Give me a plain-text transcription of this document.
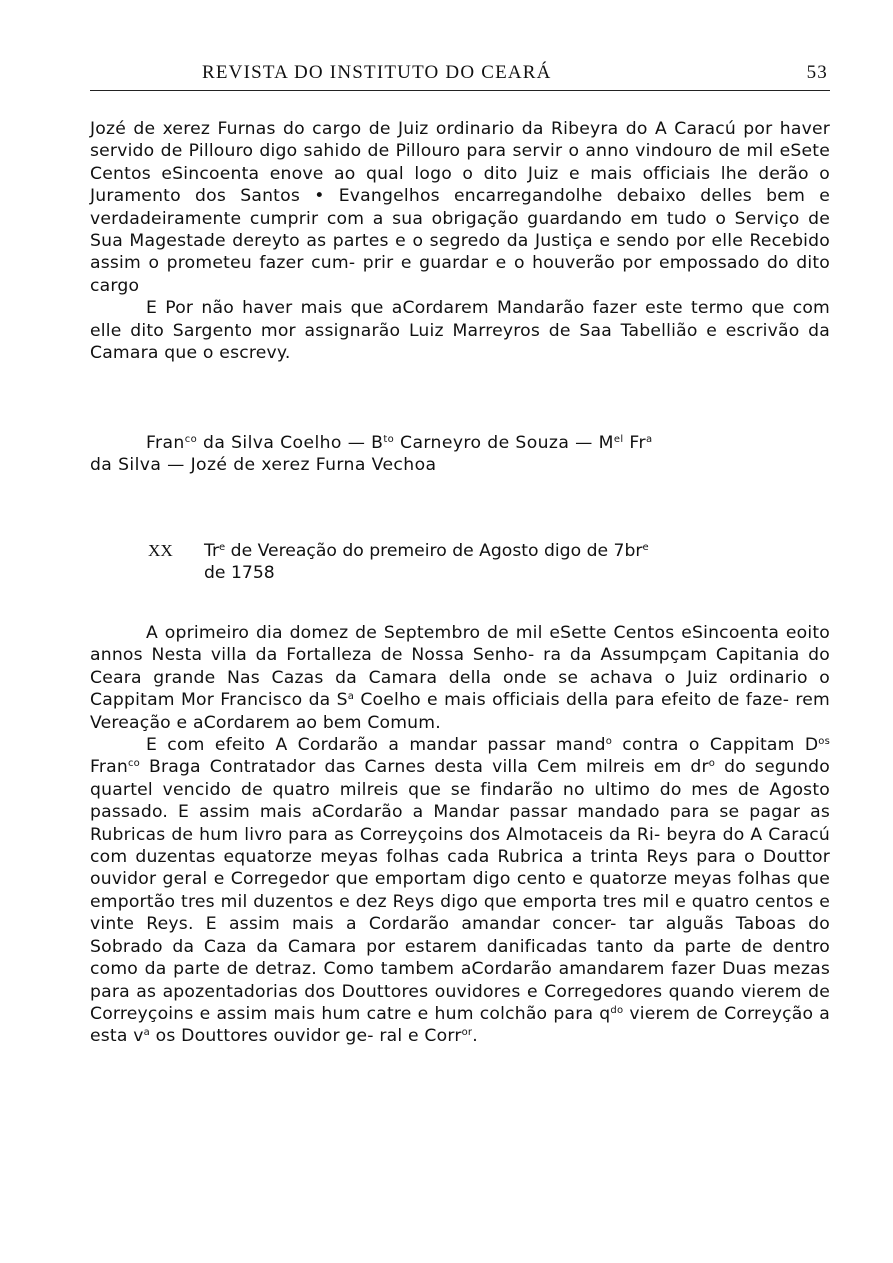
REVISTA DO INSTITUTO DO CEARÁ	53

Jozé de xerez Furnas do cargo de Juiz ordinario da Ribeyra do A Caracú por haver servido de Pillouro digo sahido de Pillouro para servir o anno vindouro de mil eSete Centos eSincoenta enove ao qual logo o dito Juiz e mais officiais lhe derão o Juramento dos Santos • Evangelhos encarregandolhe debaixo delles bem e verdadeiramente cumprir com a sua obrigação guardando em tudo o Serviço de Sua Magestade dereyto as partes e o segredo da Justiça e sendo por elle Recebido assim o prometeu fazer cum- prir e guardar e o houverão por empossado do dito cargo

E Por não haver mais que aCordarem Mandarão fazer este termo que com elle dito Sargento mor assignarão Luiz Marreyros de Saa Tabellião e escrivão da Camara que o escrevy.

Fran$^{co}$ da Silva Coelho — $B^{to}$ Carneyro de Souza — $M^{el}$ Fr$^a$

da Silva — Jozé de xerez Furna Vechoa

XX Tr$^e$ de Vereação do premeiro de Agosto digo de $7br^e$
de 1758

A oprimeiro dia domez de Septembro de mil eSette Centos eSincoenta eoito annos Nesta villa da Fortalleza de Nossa Senho- ra da Assumpçam Capitania do Ceara grande Nas Cazas da Camara della onde se achava o Juiz ordinario o Cappitam Mor Francisco da $S^a$ Coelho e mais officiais della para efeito de faze- rem Vereação e aCordarem ao bem Comum.

E com efeito A Cordarão a mandar passar mand$^o$ contra o Cappitam $D^{os}$ Fran$^{co}$ Braga Contratador das Carnes desta villa Cem milreis em $dr^o$ do segundo quartel vencido de quatro milreis que se findarão no ultimo do mes de Agosto passado. E assim mais aCordarão a Mandar passar mandado para se pagar as Rubricas de hum livro para as Correyçoins dos Almotaceis da Ri- beyra do A Caracú com duzentas equatorze meyas folhas cada Rubrica a trinta Reys para o Douttor ouvidor geral e Corregedor que emportam digo cento e quatorze meyas folhas que emportão tres mil duzentos e dez Reys digo que emporta tres mil e quatro centos e vinte Reys. E assim mais a Cordarão amandar concer- tar alguãs Taboas do Sobrado da Caza da Camara por estarem danificadas tanto da parte de dentro como da parte de detraz. Como tambem aCordarão amandarem fazer Duas mezas para as apozentadorias dos Douttores ouvidores e Corregedores quando vierem de Correyçoins e assim mais hum catre e hum colchão para $q^{do}$ vierem de Correyção a esta $v^a$ os Douttores ouvidor ge- ral e Corr$^{or}$.
